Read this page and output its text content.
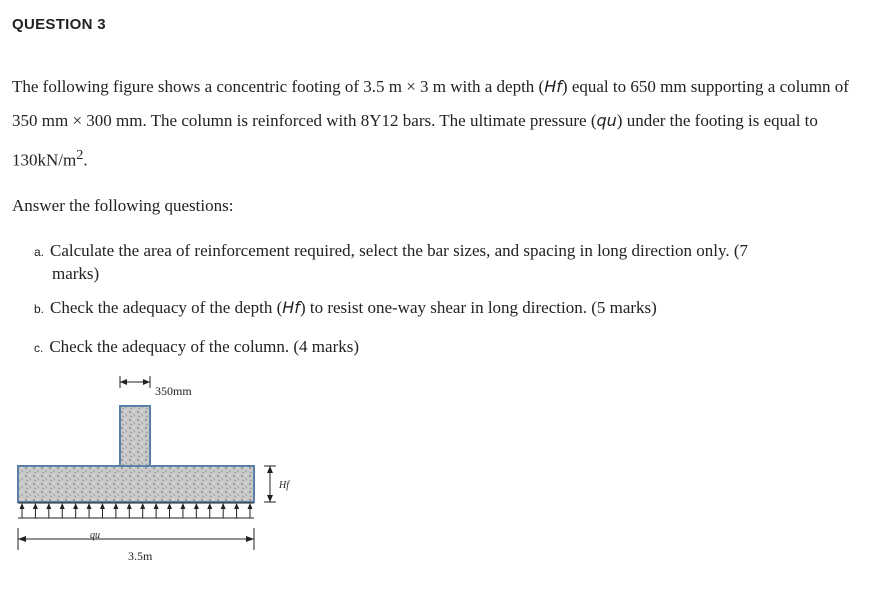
QUESTION 3
The following figure shows a concentric footing of 3.5 m × 3 m with a depth (Hf) equal to 650 mm supporting a column of 350 mm × 300 mm. The column is reinforced with 8Y12 bars. The ultimate pressure (qu) under the footing is equal to $130kN/m^2$.
Answer the following questions:
a. Calculate the area of reinforcement required, select the bar sizes, and spacing in long direction only. (7
marks)
b. Check the adequacy of the depth (Hf) to resist one-way shear in long direction. (5 marks)
c. Check the adequacy of the column. (4 marks)
350mm
Hf
qu
3.5m
